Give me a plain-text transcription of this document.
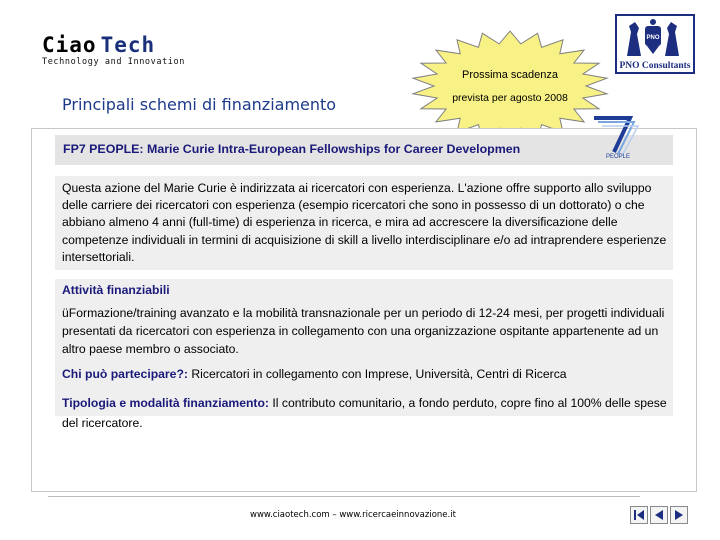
Ciao Tech
Technology and Innovation
PNO
PNO Consultants
Principali schemi di finanziamento
Prossima scadenza
prevista per agosto 2008
FP7 PEOPLE: Marie Curie Intra-European Fellowships for Career Developmen
PEOPLE
Questa azione del Marie Curie è indirizzata ai ricercatori con esperienza. L'azione offre supporto allo sviluppo delle carriere dei ricercatori con esperienza (esempio ricercatori che sono in possesso di un dottorato) o che abbiano almeno 4 anni (full-time) di esperienza in ricerca, e mira ad accrescere la diversificazione delle competenze individuali in termini di acquisizione di skill a livello interdisciplinare e/o ad intraprendere esperienze intersettoriali.
Attività finanziabili
üFormazione/training avanzato e la mobilità transnazionale per un periodo di 12-24 mesi, per progetti individuali presentati da ricercatori con esperienza in collegamento con una organizzazione ospitante appartenente ad un altro paese membro o associato.
Chi può partecipare?: Ricercatori in collegamento con Imprese, Università, Centri di Ricerca
Tipologia e modalità finanziamento: Il contributo comunitario, a fondo perduto, copre fino al 100% delle spese del ricercatore.
www.ciaotech.com – www.ricercaeinnovazione.it
